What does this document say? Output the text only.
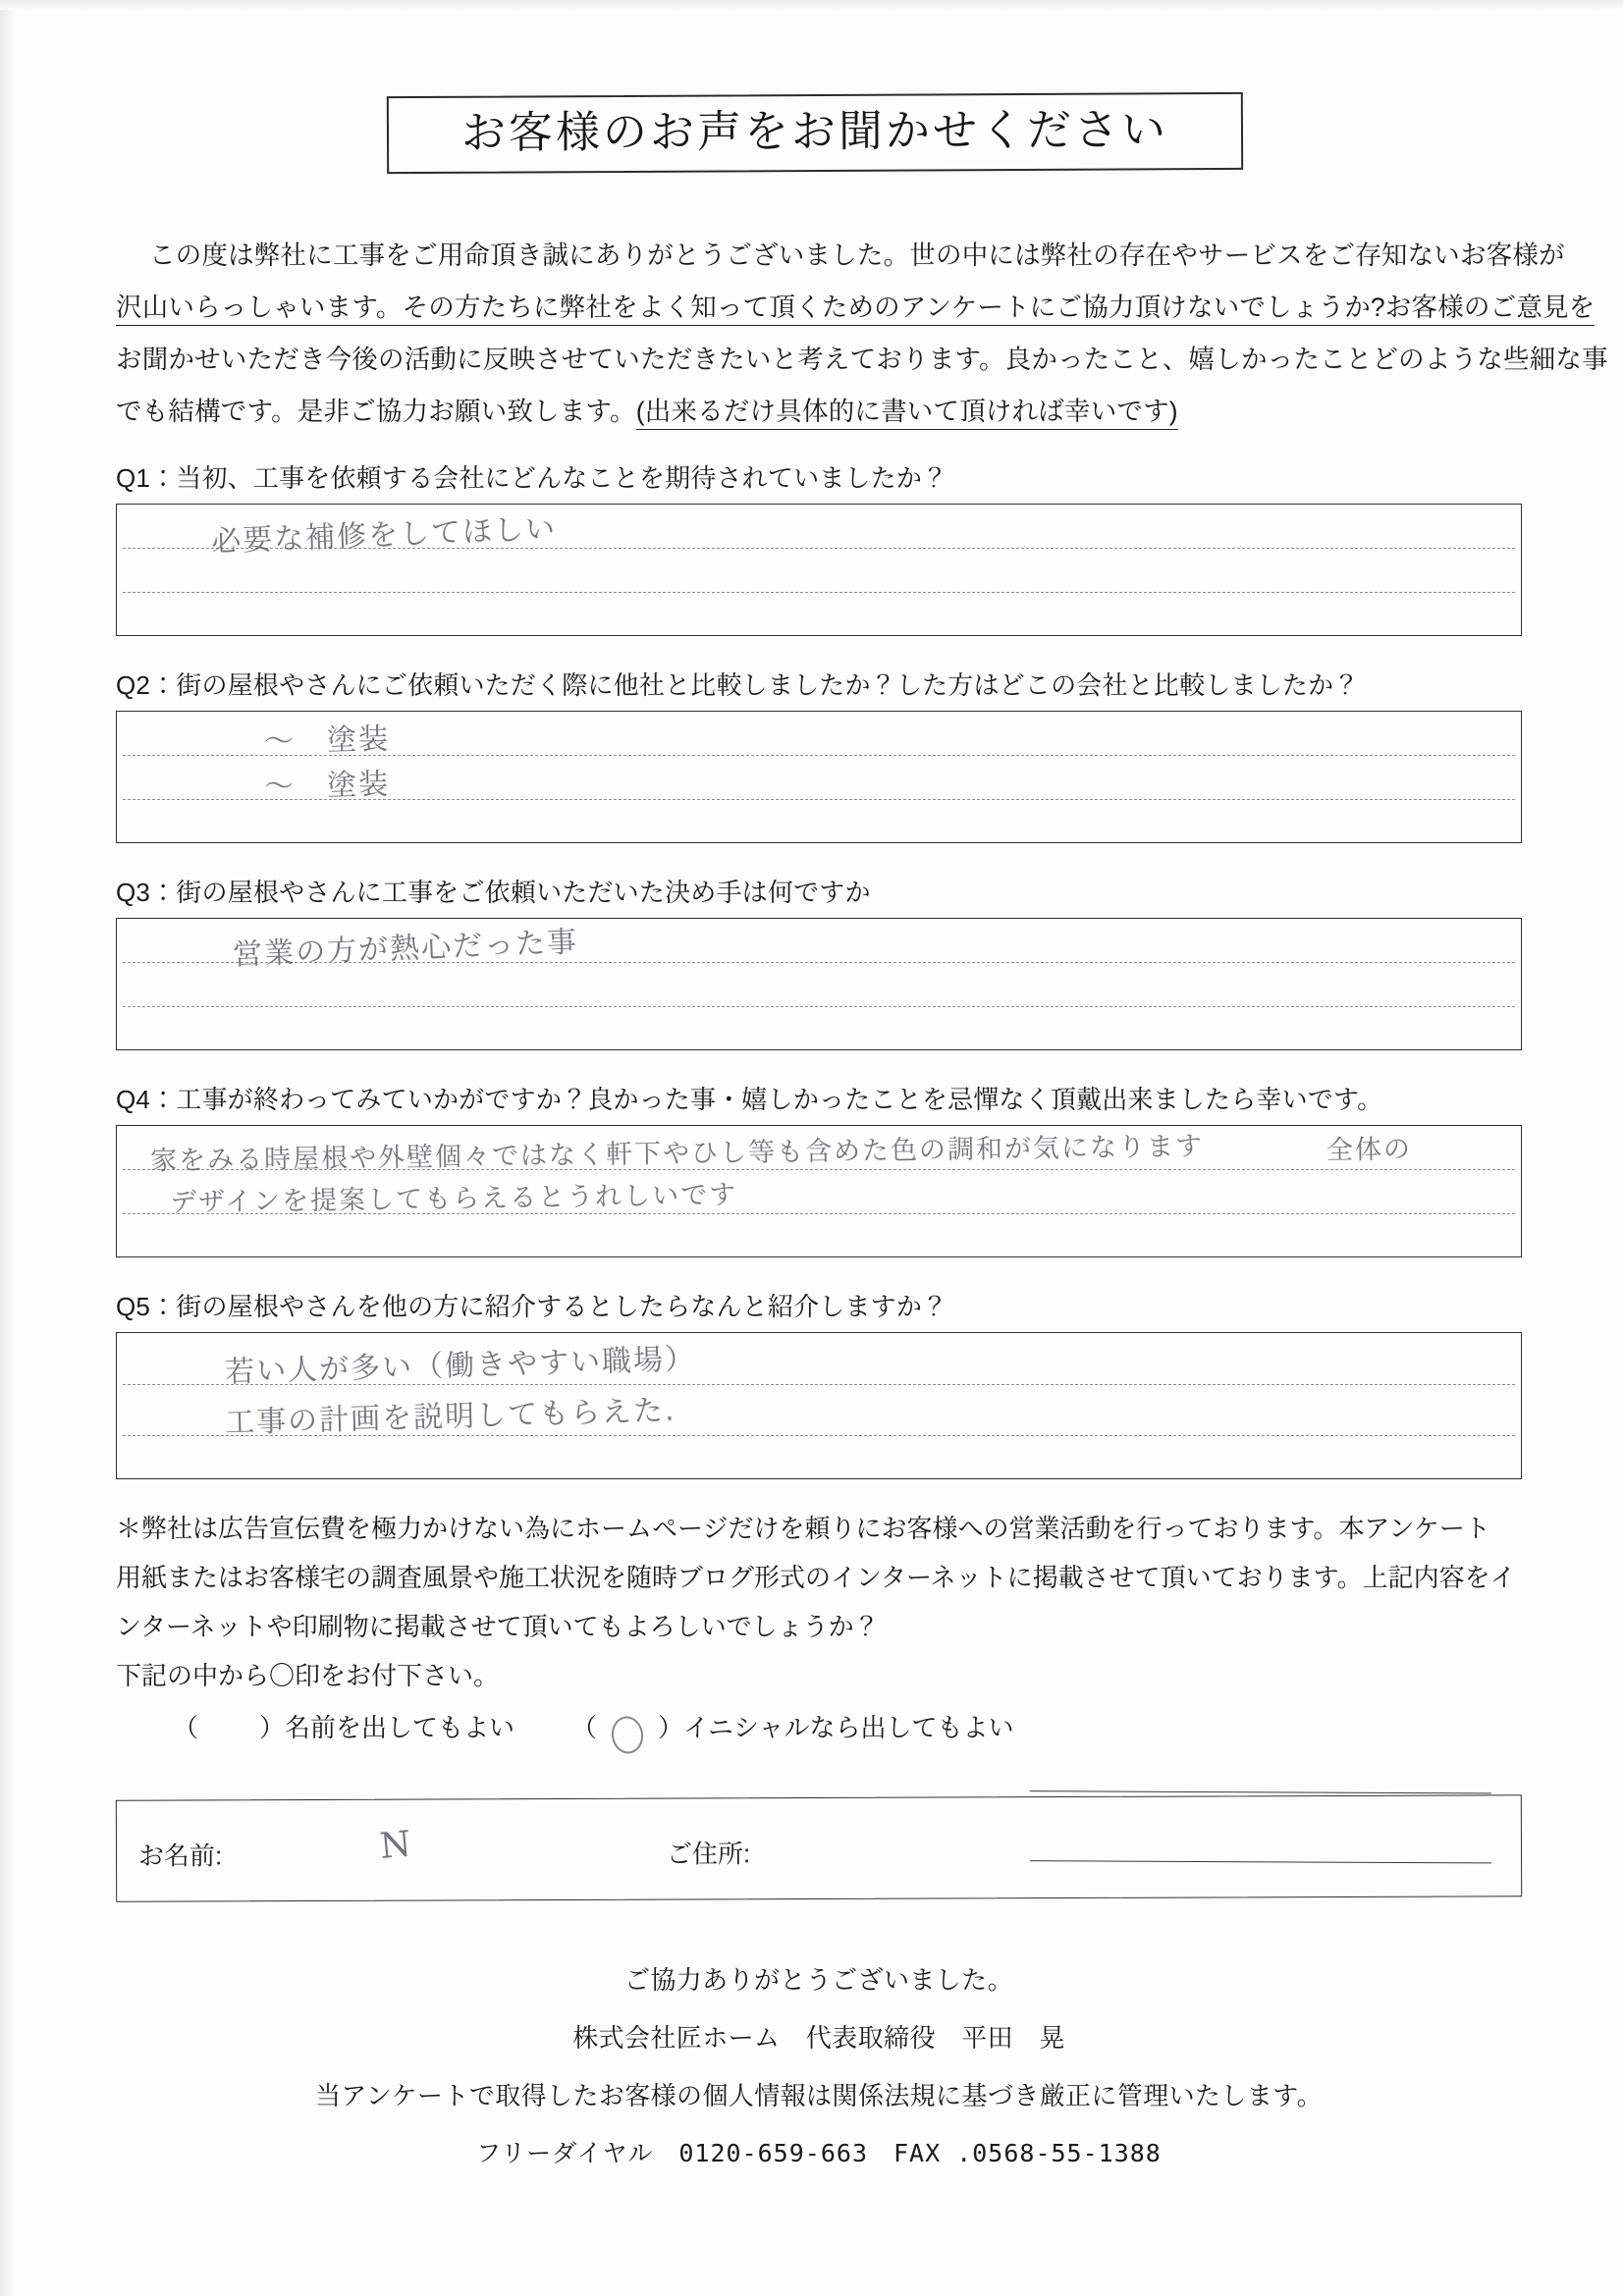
お客様のお声をお聞かせください

この度は弊社に工事をご用命頂き誠にありがとうございました。世の中には弊社の存在やサービスをご存知ないお客様が

沢山いらっしゃいます。その方たちに弊社をよく知って頂くためのアンケートにご協力頂けないでしょうか?お客様のご意見を

お聞かせいただき今後の活動に反映させていただきたいと考えております。良かったこと、嬉しかったことどのような些細な事

でも結構です。是非ご協力お願い致します。(出来るだけ具体的に書いて頂ければ幸いです)

Q1：当初、工事を依頼する会社にどんなことを期待されていましたか？
必要な補修をしてほしい
Q2：街の屋根やさんにご依頼いただく際に他社と比較しましたか？した方はどこの会社と比較しましたか？
〜　塗装
〜　塗装
Q3：街の屋根やさんに工事をご依頼いただいた決め手は何ですか
営業の方が熱心だった事
Q4：工事が終わってみていかがですか？良かった事・嬉しかったことを忌憚なく頂戴出来ましたら幸いです。
家をみる時屋根や外壁個々ではなく軒下やひし等も含めた色の調和が気になります	全体の
デザインを提案してもらえるとうれしいです
Q5：街の屋根やさんを他の方に紹介するとしたらなんと紹介しますか？
若い人が多い（働きやすい職場）
工事の計画を説明してもらえた.

＊弊社は広告宣伝費を極力かけない為にホームページだけを頼りにお客様への営業活動を行っております。本アンケート

用紙またはお客様宅の調査風景や施工状況を随時ブログ形式のインターネットに掲載させて頂いております。上記内容をイ

ンターネットや印刷物に掲載させて頂いてもよろしいでしょうか？

下記の中から〇印をお付下さい。

（ ）名前を出してもよい （ ）イニシャルなら出してもよい
お名前:	N	ご住所:
ご協力ありがとうございました。
株式会社匠ホーム　代表取締役　平田　晃
当アンケートで取得したお客様の個人情報は関係法規に基づき厳正に管理いたします。
フリーダイヤル　0120-659-663　FAX .0568-55-1388
